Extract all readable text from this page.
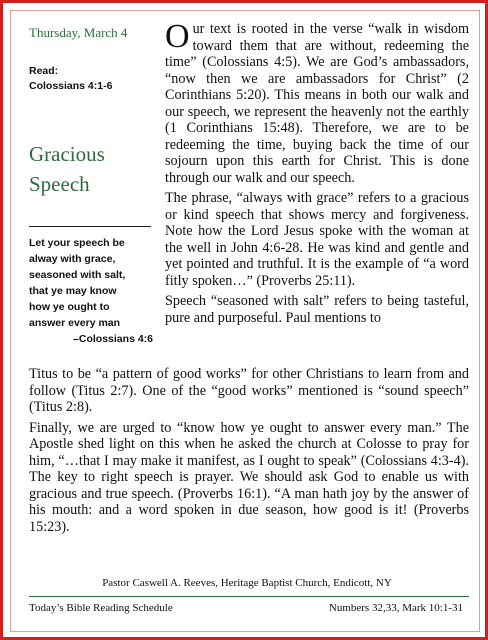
Thursday, March 4
Read:
Colossians 4:1-6
Gracious
Speech
Let your speech be
alway with grace,
seasoned with salt,
that ye may know
how ye ought to
answer every man
–Colossians 4:6

Our text is rooted in the verse “walk in wisdom toward them that are without, redeeming the time” (Colossians 4:5). We are God’s ambassadors, “now then we are ambassadors for Christ” (2 Corinthians 5:20). This means in both our walk and our speech, we represent the heavenly not the earthly (1 Corinthians 15:48). Therefore, we are to be redeeming the time, buying back the time of our sojourn upon this earth for Christ. This is done through our walk and our speech.

The phrase, “always with grace” refers to a gracious or kind speech that shows mercy and forgiveness. Note how the Lord Jesus spoke with the woman at the well in John 4:6-28. He was kind and gentle and yet pointed and truthful. It is the example of “a word fitly spoken…” (Proverbs 25:11).

Speech “seasoned with salt” refers to being tasteful, pure and purposeful. Paul mentions to

Titus to be “a pattern of good works” for other Christians to learn from and follow (Titus 2:7). One of the “good works” mentioned is “sound speech” (Titus 2:8).

Finally, we are urged to “know how ye ought to answer every man.” The Apostle shed light on this when he asked the church at Colosse to pray for him, “…that I may make it manifest, as I ought to speak” (Colossians 4:3-4). The key to right speech is prayer. We should ask God to enable us with gracious and true speech. (Proverbs 16:1). “A man hath joy by the answer of his mouth: and a word spoken in due season, how good is it! (Proverbs 15:23).

Pastor Caswell A. Reeves, Heritage Baptist Church, Endicott, NY
Today’s Bible Reading Schedule	Numbers 32,33, Mark 10:1-31
